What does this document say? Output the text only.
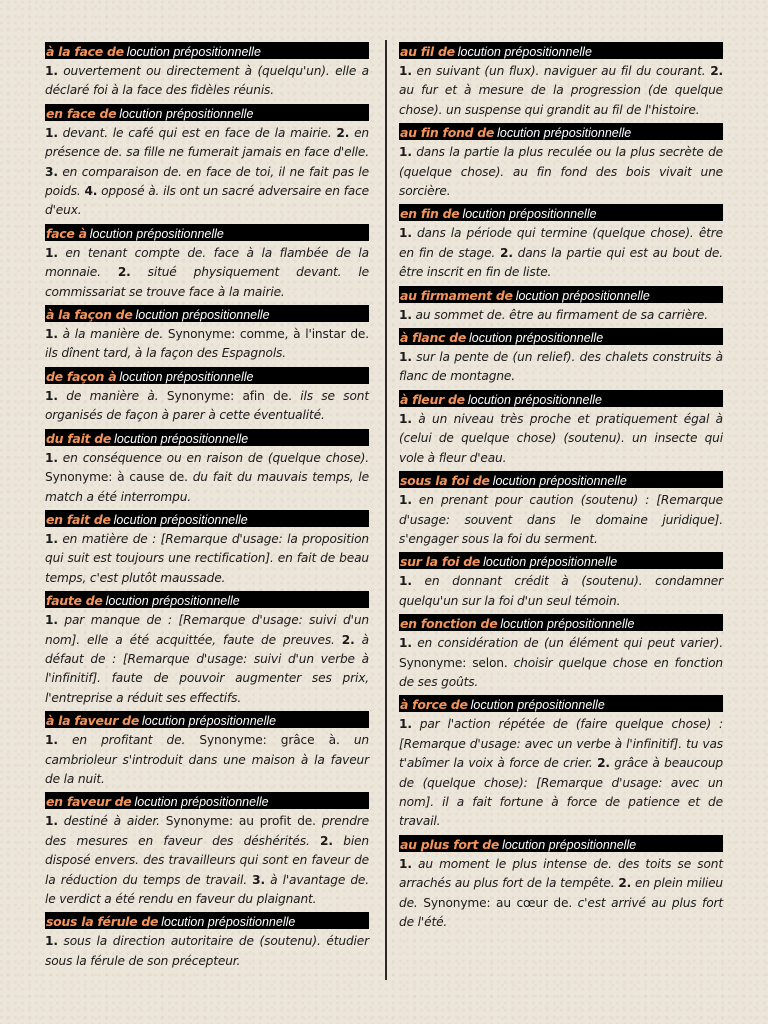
à la face de locution prépositionnelle
1. ouvertement ou directement à (quelqu'un). elle a déclaré foi à la face des fidèles réunis.
en face de locution prépositionnelle
1. devant. le café qui est en face de la mairie. 2. en présence de. sa fille ne fumerait jamais en face d'elle. 3. en comparaison de. en face de toi, il ne fait pas le poids. 4. opposé à. ils ont un sacré adversaire en face d'eux.
face à locution prépositionnelle
1. en tenant compte de. face à la flambée de la monnaie. 2. situé physiquement devant. le commissariat se trouve face à la mairie.
à la façon de locution prépositionnelle
1. à la manière de. Synonyme: comme, à l'instar de. ils dînent tard, à la façon des Espagnols.
de façon à locution prépositionnelle
1. de manière à. Synonyme: afin de. ils se sont organisés de façon à parer à cette éventualité.
du fait de locution prépositionnelle
1. en conséquence ou en raison de (quelque chose). Synonyme: à cause de. du fait du mauvais temps, le match a été interrompu.
en fait de locution prépositionnelle
1. en matière de : [Remarque d'usage: la proposition qui suit est toujours une rectification]. en fait de beau temps, c'est plutôt maussade.
faute de locution prépositionnelle
1. par manque de : [Remarque d'usage: suivi d'un nom]. elle a été acquittée, faute de preuves. 2. à défaut de : [Remarque d'usage: suivi d'un verbe à l'infinitif]. faute de pouvoir augmenter ses prix, l'entreprise a réduit ses effectifs.
à la faveur de locution prépositionnelle
1. en profitant de. Synonyme: grâce à. un cambrioleur s'introduit dans une maison à la faveur de la nuit.
en faveur de locution prépositionnelle
1. destiné à aider. Synonyme: au profit de. prendre des mesures en faveur des déshérités. 2. bien disposé envers. des travailleurs qui sont en faveur de la réduction du temps de travail. 3. à l'avantage de. le verdict a été rendu en faveur du plaignant.
sous la férule de locution prépositionnelle
1. sous la direction autoritaire de (soutenu). étudier sous la férule de son précepteur.
au fil de locution prépositionnelle
1. en suivant (un flux). naviguer au fil du courant. 2. au fur et à mesure de la progression (de quelque chose). un suspense qui grandit au fil de l'histoire.
au fin fond de locution prépositionnelle
1. dans la partie la plus reculée ou la plus secrète de (quelque chose). au fin fond des bois vivait une sorcière.
en fin de locution prépositionnelle
1. dans la période qui termine (quelque chose). être en fin de stage. 2. dans la partie qui est au bout de. être inscrit en fin de liste.
au firmament de locution prépositionnelle
1. au sommet de. être au firmament de sa carrière.
à flanc de locution prépositionnelle
1. sur la pente de (un relief). des chalets construits à flanc de montagne.
à fleur de locution prépositionnelle
1. à un niveau très proche et pratiquement égal à (celui de quelque chose) (soutenu). un insecte qui vole à fleur d'eau.
sous la foi de locution prépositionnelle
1. en prenant pour caution (soutenu) : [Remarque d'usage: souvent dans le domaine juridique]. s'engager sous la foi du serment.
sur la foi de locution prépositionnelle
1. en donnant crédit à (soutenu). condamner quelqu'un sur la foi d'un seul témoin.
en fonction de locution prépositionnelle
1. en considération de (un élément qui peut varier). Synonyme: selon. choisir quelque chose en fonction de ses goûts.
à force de locution prépositionnelle
1. par l'action répétée de (faire quelque chose) : [Remarque d'usage: avec un verbe à l'infinitif]. tu vas t'abîmer la voix à force de crier. 2. grâce à beaucoup de (quelque chose): [Remarque d'usage: avec un nom]. il a fait fortune à force de patience et de travail.
au plus fort de locution prépositionnelle
1. au moment le plus intense de. des toits se sont arrachés au plus fort de la tempête. 2. en plein milieu de. Synonyme: au cœur de. c'est arrivé au plus fort de l'été.
